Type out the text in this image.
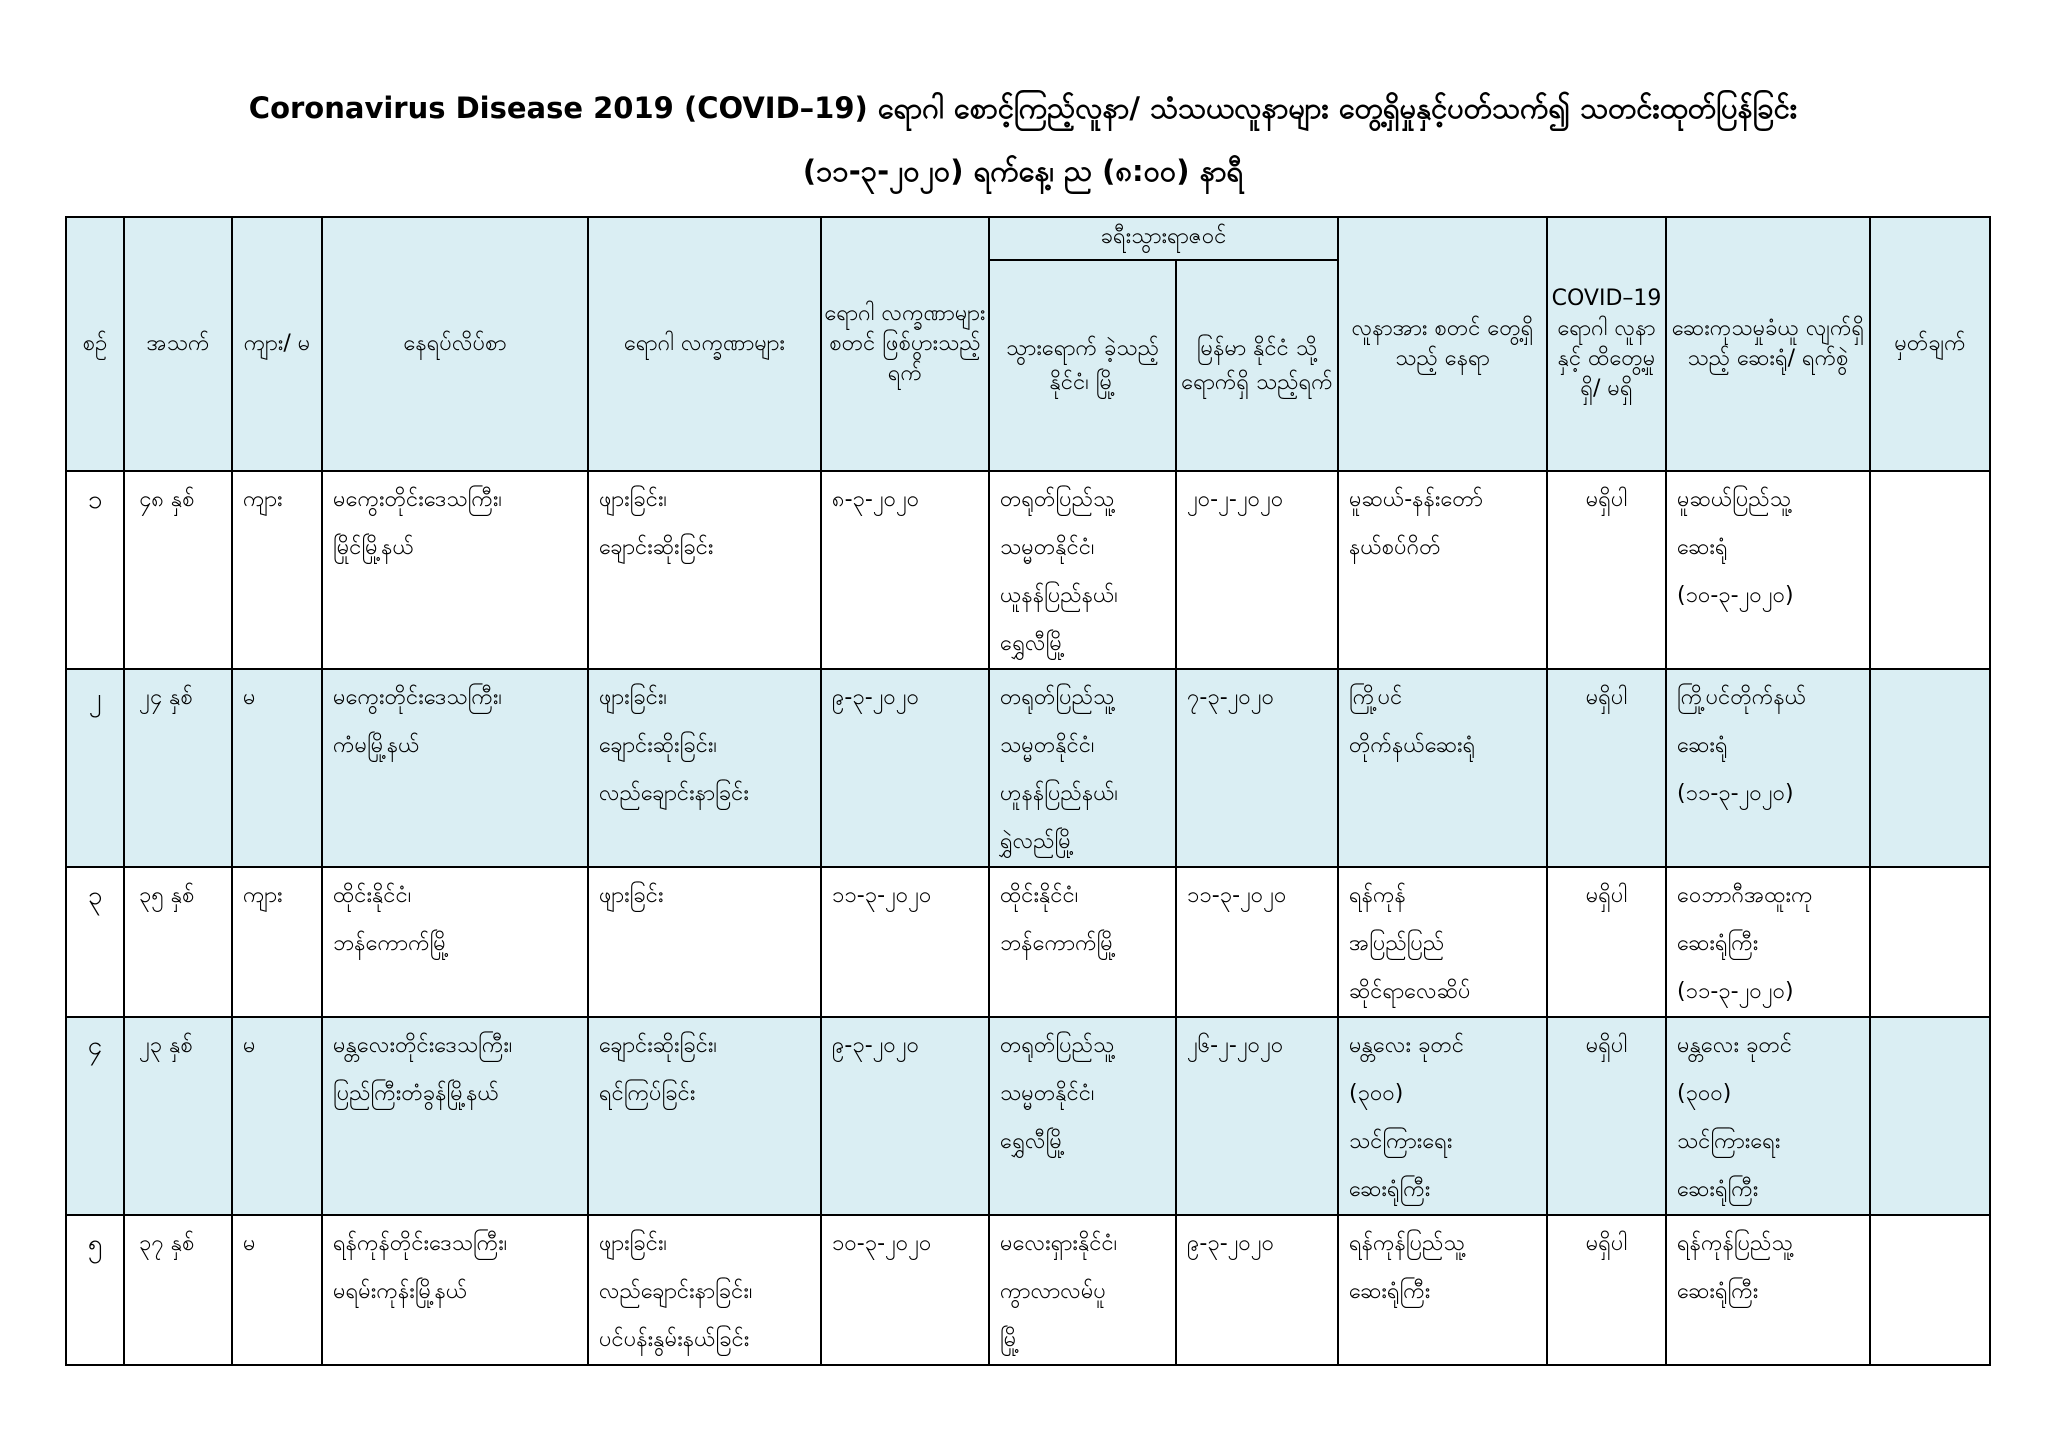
Coronavirus Disease 2019 (COVID–19) ရောဂါ စောင့်ကြည့်လူနာ/ သံသယလူနာများ တွေ့ရှိမှုနှင့်ပတ်သက်၍ သတင်းထုတ်ပြန်ခြင်း
(၁၁-၃-၂၀၂၀) ရက်နေ့၊ ည (၈:၀၀) နာရီ
စဉ်	အသက်	ကျား/ မ	နေရပ်လိပ်စာ	ရောဂါ လက္ခဏာများ	ရောဂါ လက္ခဏာများ စတင် ဖြစ်ပွားသည့် ရက်	ခရီးသွားရာဇဝင်		လူနာအား စတင် တွေ့ရှိသည့် နေရာ	COVID–19 ရောဂါ လူနာနှင့် ထိတွေ့မှု ရှိ/ မရှိ	ဆေးကုသမှုခံယူ လျက်ရှိသည့် ဆေးရုံ/ ရက်စွဲ	မှတ်ချက်
						သွားရောက် ခဲ့သည့် နိုင်ငံ၊ မြို့	မြန်မာ နိုင်ငံ သို့ ရောက်ရှိ သည့်ရက်				

၁	၄၈ နှစ်	ကျား	မကွေးတိုင်းဒေသကြီး၊
မြိုင်မြို့နယ်	ဖျားခြင်း၊
ချောင်းဆိုးခြင်း	၈-၃-၂၀၂၀	တရုတ်ပြည်သူ့
သမ္မတနိုင်ငံ၊
ယူနန်ပြည်နယ်၊
ရွှေလီမြို့	၂၀-၂-၂၀၂၀	မူဆယ်-နန်းတော်
နယ်စပ်ဂိတ်	မရှိပါ	မူဆယ်ပြည်သူ့
ဆေးရုံ
(၁၀-၃-၂၀၂၀)	

၂	၂၄ နှစ်	မ	မကွေးတိုင်းဒေသကြီး၊
ကံမမြို့နယ်	ဖျားခြင်း၊
ချောင်းဆိုးခြင်း၊
လည်ချောင်းနာခြင်း	၉-၃-၂၀၂၀	တရုတ်ပြည်သူ့
သမ္မတနိုင်ငံ၊
ဟူနန်ပြည်နယ်၊
ရွှဲလည်မြို့	၇-၃-၂၀၂၀	ကြို့ပင်
တိုက်နယ်ဆေးရုံ	မရှိပါ	ကြို့ပင်တိုက်နယ်
ဆေးရုံ
(၁၁-၃-၂၀၂၀)	

၃	၃၅ နှစ်	ကျား	ထိုင်းနိုင်ငံ၊
ဘန်ကောက်မြို့	ဖျားခြင်း	၁၁-၃-၂၀၂၀	ထိုင်းနိုင်ငံ၊
ဘန်ကောက်မြို့	၁၁-၃-၂၀၂၀	ရန်ကုန်
အပြည်ပြည်
ဆိုင်ရာလေဆိပ်	မရှိပါ	ဝေဘာဂီအထူးကု
ဆေးရုံကြီး
(၁၁-၃-၂၀၂၀)	

၄	၂၃ နှစ်	မ	မန္တလေးတိုင်းဒေသကြီး၊
ပြည်ကြီးတံခွန်မြို့နယ်	ချောင်းဆိုးခြင်း၊
ရင်ကြပ်ခြင်း	၉-၃-၂၀၂၀	တရုတ်ပြည်သူ့
သမ္မတနိုင်ငံ၊
ရွှေလီမြို့	၂၆-၂-၂၀၂၀	မန္တလေး ခုတင်
(၃၀၀)
သင်ကြားရေး
ဆေးရုံကြီး	မရှိပါ	မန္တလေး ခုတင်
(၃၀၀)
သင်ကြားရေး
ဆေးရုံကြီး	

၅	၃၇ နှစ်	မ	ရန်ကုန်တိုင်းဒေသကြီး၊
မရမ်းကုန်းမြို့နယ်	ဖျားခြင်း၊
လည်ချောင်းနာခြင်း၊
ပင်ပန်းနွမ်းနယ်ခြင်း	၁၀-၃-၂၀၂၀	မလေးရှားနိုင်ငံ၊
ကွာလာလမ်ပူ
မြို့	၉-၃-၂၀၂၀	ရန်ကုန်ပြည်သူ့
ဆေးရုံကြီး	မရှိပါ	ရန်ကုန်ပြည်သူ့
ဆေးရုံကြီး	
